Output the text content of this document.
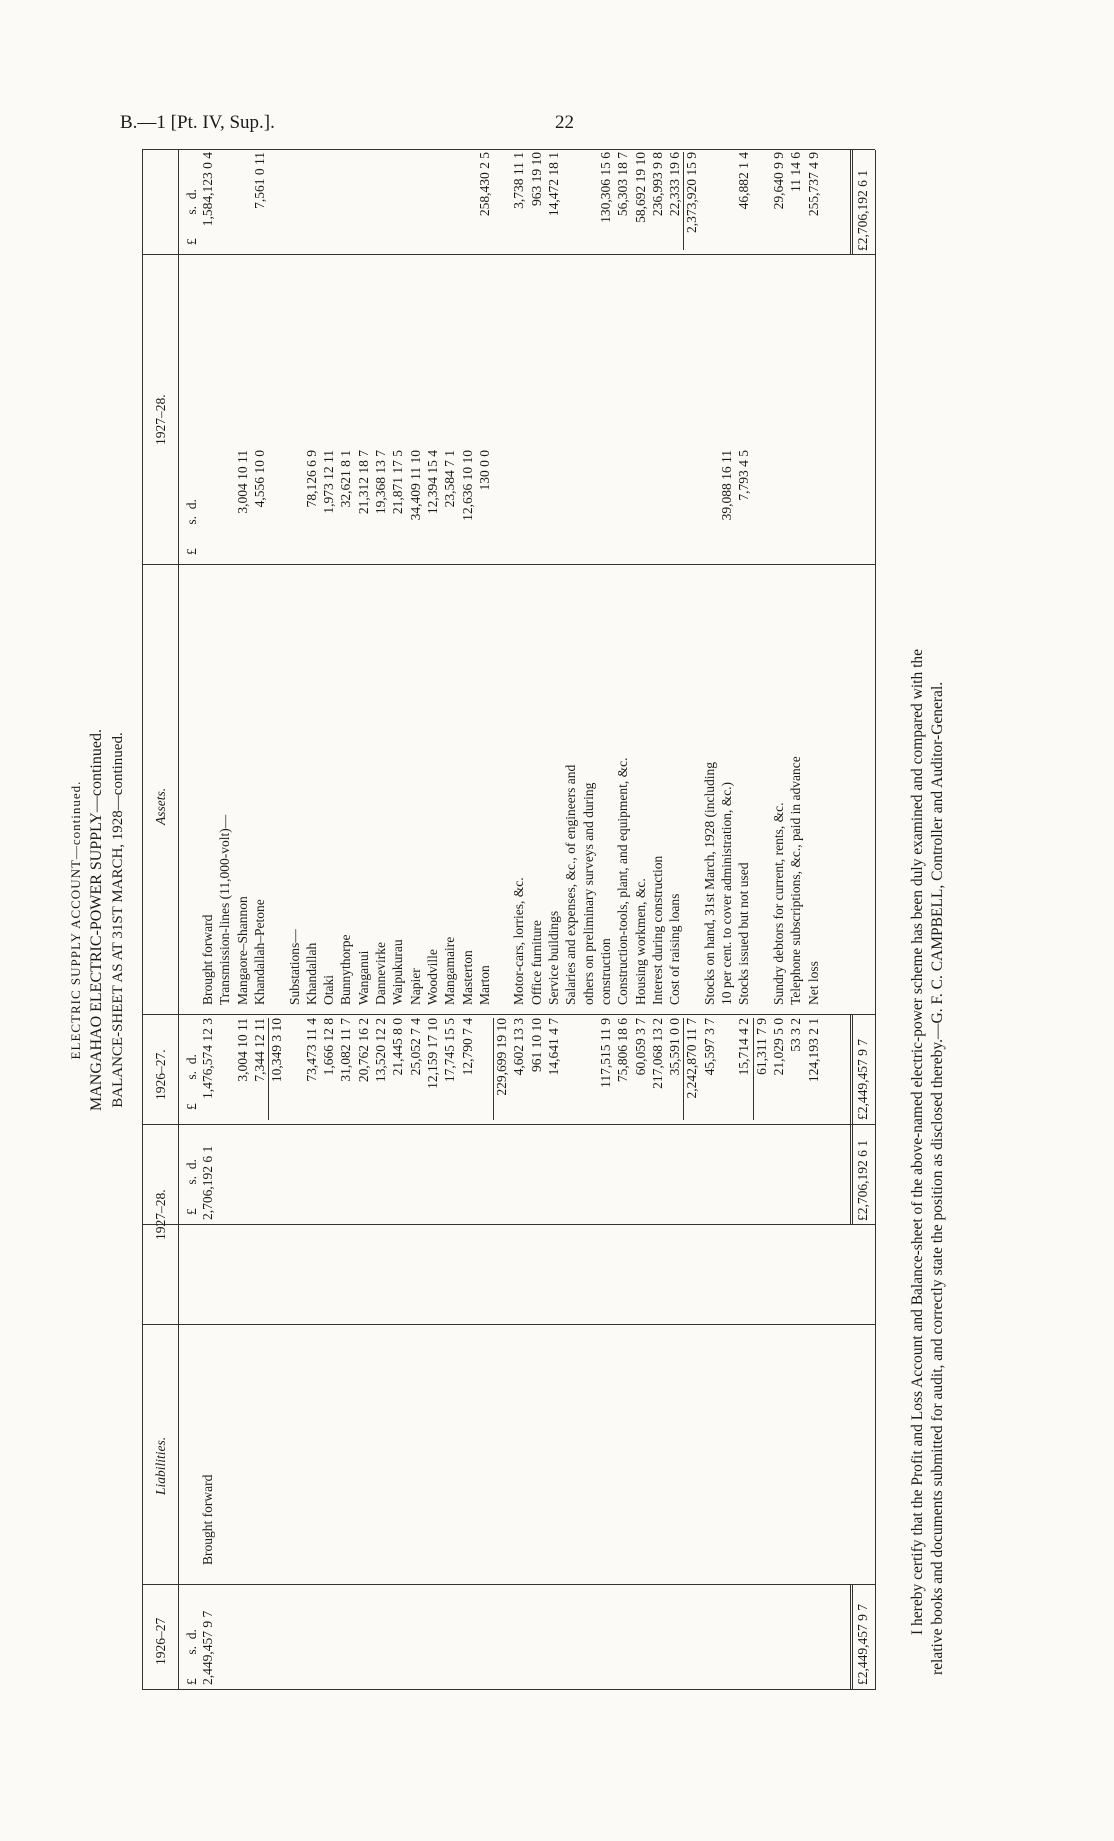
B.—1 [Pt. IV, Sup.].	22
ELECTRIC SUPPLY ACCOUNT—continued. MANGAHAO ELECTRIC-POWER SUPPLY—continued. BALANCE-SHEET AS AT 31ST MARCH, 1928—continued.
1926–27
Liabilities.
1927–28.
1926–27.
Assets.
1927–28.
£       s.  d. 2,449,457 9 7
Brought forward
£       s.  d. 2,706,192 6 1
£       s.  d.
£       s.  d.
£       s.  d.
1,476,574 12 3
Brought forward
1,584,123 0 4
Transmission-lines (11,000-volt)—
3,004 10 11
Mangaore–Shannon
3,004 10 11
7,344 12 11
Khandallah–Petone
4,556 10 0
7,561 0 11
10,349 3 10
Substations—
73,473 11 4
Khandallah
78,126 6 9
1,666 12 8
Otaki
1,973 12 11
31,082 11 7
Bunnythorpe
32,621 8 1
20,762 16 2
Wanganui
21,312 18 7
13,520 12 2
Dannevirke
19,368 13 7
21,445 8 0
Waipukurau
21,871 17 5
25,052 7 4
Napier
34,409 11 10
12,159 17 10
Woodville
12,394 15 4
17,745 15 5
Mangamaire
23,584 7 1
12,790 7 4
Masterton
12,636 10 10
Marton
130 0 0
258,430 2 5
229,699 19 10 4,602 13 3
Motor-cars, lorries, &c.
3,738 11 1
961 10 10
Office furniture
963 19 10
14,641 4 7
Service buildings
14,472 18 1
Salaries and expenses, &c., of engineers and others on preliminary surveys and during
117,515 11 9
construction
130,306 15 6
75,806 18 6
Construction-tools, plant, and equipment, &c.
56,303 18 7
60,059 3 7
Housing workmen, &c.
58,692 19 10
217,068 13 2
Interest during construction
236,993 9 8
35,591 0 0
Cost of raising loans
22,333 19 6
2,242,870 11 7
2,373,920 15 9
45,597 3 7
Stocks on hand, 31st March, 1928 (including 10 per cent. to cover administration, &c.)
39,088 16 11
15,714 4 2
Stocks issued but not used
7,793 4 5
46,882 1 4
61,311 7 9 21,029 5 0
Sundry debtors for current, rents, &c.
29,640 9 9
53 3 2
Telephone subscriptions, &c., paid in advance
11 14 6
124,193 2 1
Net loss
255,737 4 9
£2,449,457 9 7
£2,706,192 6 1
£2,449,457 9 7
£2,706,192 6 1
I hereby certify that the Profit and Loss Account and Balance-sheet of the above-named electric-power scheme has been duly examined and compared with the relative books and documents submitted for audit, and correctly state the position as disclosed thereby.—G. F. C. CAMPBELL, Controller and Auditor-General.
